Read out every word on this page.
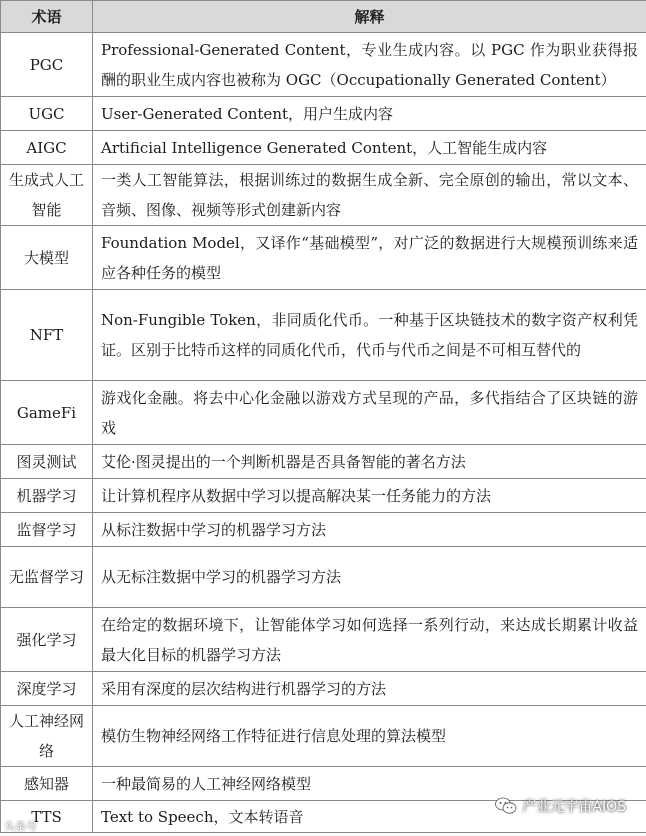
术语	解释
PGC	Professional-Generated Content，专业生成内容。以 PGC 作为职业获得报酬的职业生成内容也被称为 OGC（Occupationally Generated Content）
UGC	User-Generated Content，用户生成内容
AIGC	Artificial Intelligence Generated Content，人工智能生成内容
生成式人工智能	一类人工智能算法，根据训练过的数据生成全新、完全原创的输出，常以文本、音频、图像、视频等形式创建新内容
大模型	Foundation Model，又译作“基础模型”，对广泛的数据进行大规模预训练来适应各种任务的模型
NFT	Non-Fungible Token，非同质化代币。一种基于区块链技术的数字资产权利凭证。区别于比特币这样的同质化代币，代币与代币之间是不可相互替代的
GameFi	游戏化金融。将去中心化金融以游戏方式呈现的产品，多代指结合了区块链的游戏
图灵测试	艾伦·图灵提出的一个判断机器是否具备智能的著名方法
机器学习	让计算机程序从数据中学习以提高解决某一任务能力的方法
监督学习	从标注数据中学习的机器学习方法
无监督学习	从无标注数据中学习的机器学习方法
强化学习	在给定的数据环境下，让智能体学习如何选择一系列行动，来达成长期累计收益最大化目标的机器学习方法
深度学习	采用有深度的层次结构进行机器学习的方法
人工神经网络	模仿生物神经网络工作特征进行信息处理的算法模型
感知器	一种最简易的人工神经网络模型
TTS	Text to Speech，文本转语音
产业元宇宙AIOS
头条号
